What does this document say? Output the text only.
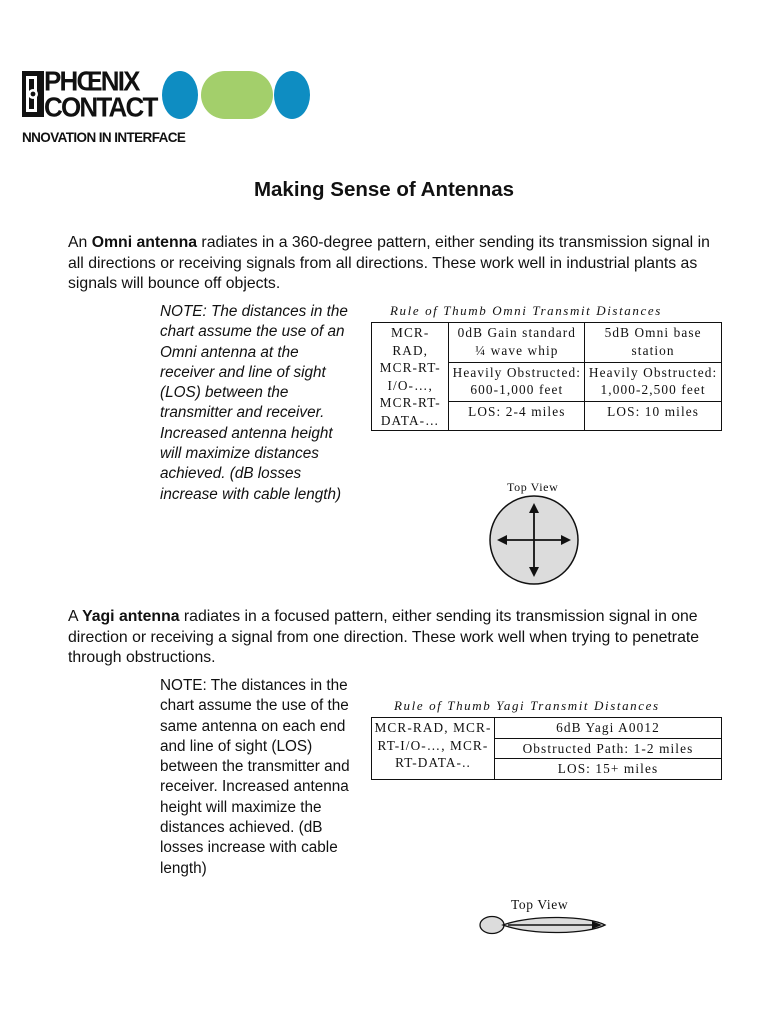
PHŒNIX
CONTACT
NNOVATION IN INTERFACE
Making Sense of Antennas
An Omni antenna radiates in a 360-degree pattern, either sending its transmission signal in all directions or receiving signals from all directions. These work well in industrial plants as signals will bounce off objects.
NOTE: The distances in the chart assume the use of an Omni antenna at the receiver and line of sight (LOS) between the transmitter and receiver. Increased antenna height will maximize distances achieved. (dB losses increase with cable length)
Rule of Thumb Omni Transmit Distances
MCR-RAD, MCR-RT-I/O-…, MCR-RT-DATA-…	0dB Gain standard ¼ wave whip	5dB Omni base station
	Heavily Obstructed: 600-1,000 feet	Heavily Obstructed: 1,000-2,500 feet
	LOS: 2-4 miles	LOS: 10 miles
Top View
A Yagi antenna radiates in a focused pattern, either sending its transmission signal in one direction or receiving a signal from one direction. These work well when trying to penetrate through obstructions.
NOTE: The distances in the chart assume the use of the same antenna on each end and line of sight (LOS) between the transmitter and receiver. Increased antenna height will maximize the distances achieved. (dB losses increase with cable length)
Rule of Thumb Yagi Transmit Distances
MCR-RAD, MCR-RT-I/O-…, MCR-RT-DATA-..	6dB Yagi A0012
Obstructed Path: 1-2 miles
LOS: 15+ miles
Top View
